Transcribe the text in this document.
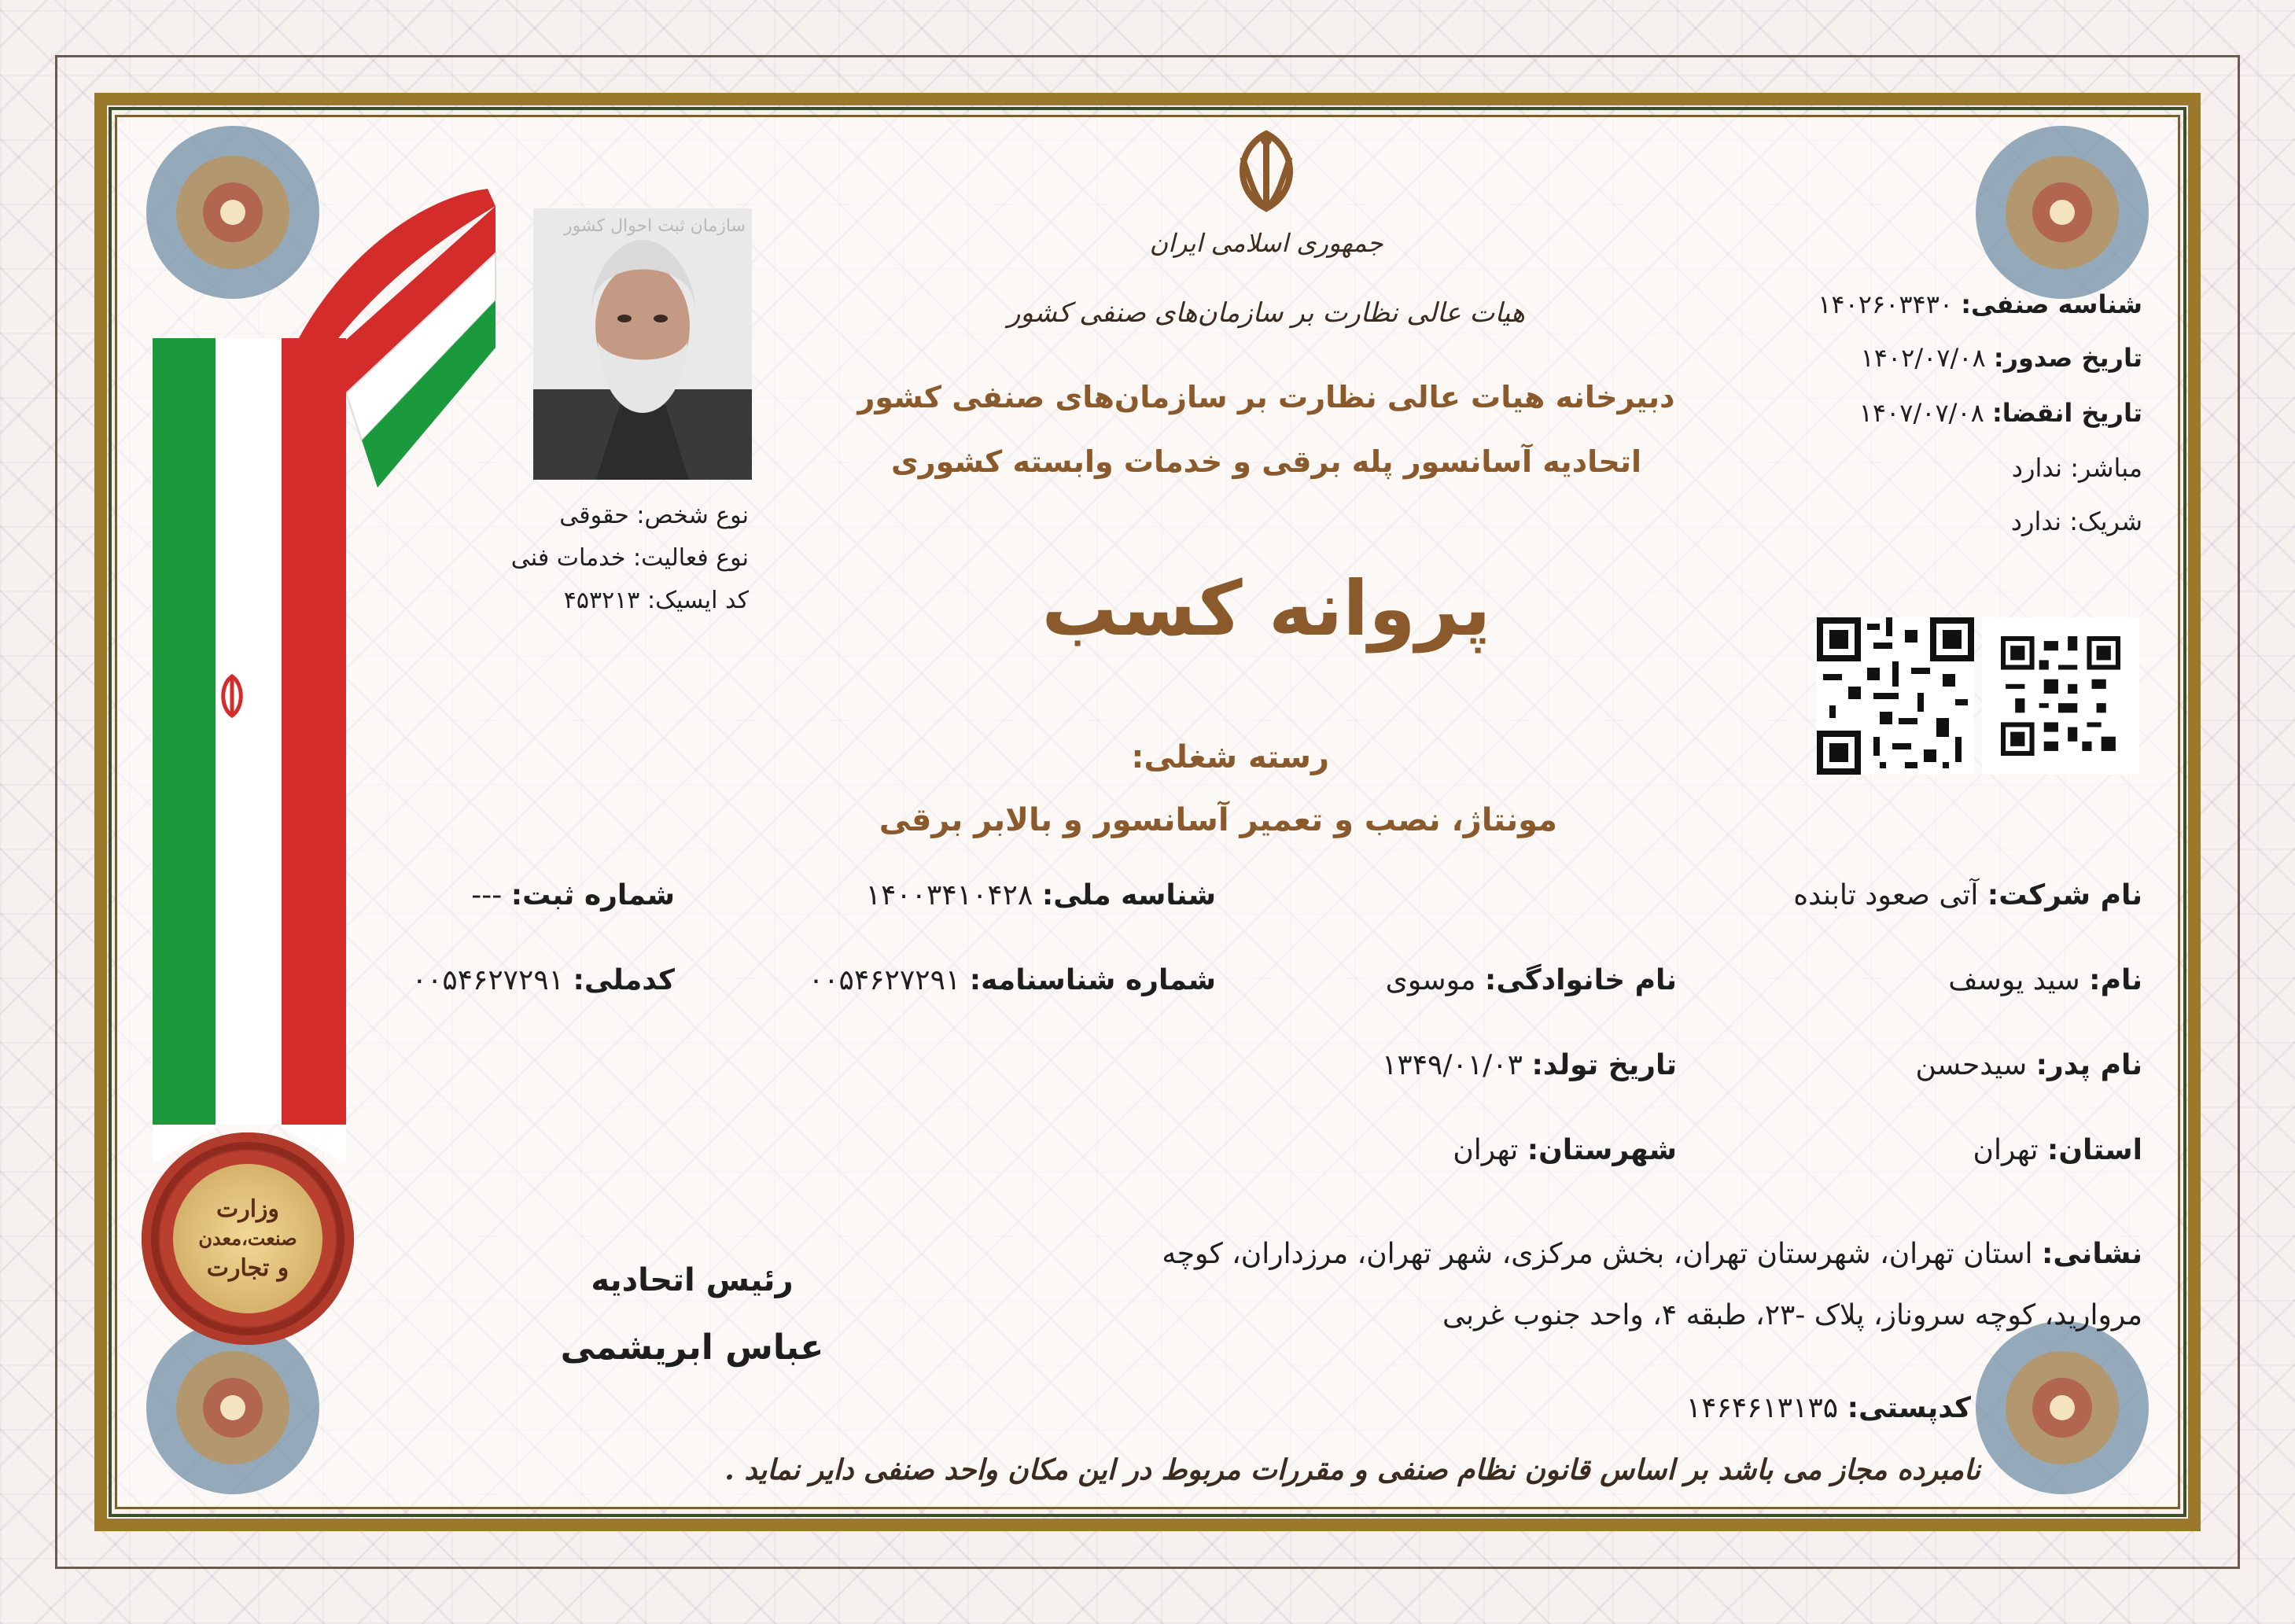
وزارت
صنعت،معدن
و تجارت
سازمان ثبت احوال کشور
نوع شخص: حقوقی
نوع فعالیت: خدمات فنی
کد ایسیک: ۴۵۳۲۱۳
جمهوری اسلامی ایران
هیات عالی نظارت بر سازمان‌های صنفی کشور
دبیرخانه هیات عالی نظارت بر سازمان‌های صنفی کشور
اتحادیه آسانسور پله برقی و خدمات وابسته کشوری
پروانه کسب
رسته شغلی:
مونتاژ، نصب و تعمیر آسانسور و بالابر برقی
شناسه صنفی: ۱۴۰۲۶۰۳۴۳۰
تاریخ صدور: ۱۴۰۲/۰۷/۰۸
تاریخ انقضا: ۱۴۰۷/۰۷/۰۸
مباشر: ندارد
شریک: ندارد
نام شرکت: آتی صعود تابنده
شناسه ملی: ۱۴۰۰۳۴۱۰۴۲۸
شماره ثبت: ---
نام: سید یوسف
نام خانوادگی: موسوی
شماره شناسنامه: ۰۰۵۴۶۲۷۲۹۱
کدملی: ۰۰۵۴۶۲۷۲۹۱
نام پدر: سیدحسن
تاریخ تولد: ۱۳۴۹/۰۱/۰۳
استان: تهران
شهرستان: تهران
نشانی: استان تهران، شهرستان تهران، بخش مرکزی، شهر تهران، مرزداران، کوچه
مروارید، کوچه سروناز، پلاک -۲۳، طبقه ۴، واحد جنوب غربی
کدپستی: ۱۴۶۴۶۱۳۱۳۵
رئیس اتحادیه
عباس ابریشمی
نامبرده مجاز می باشد بر اساس قانون نظام صنفی و مقررات مربوط در این مکان واحد صنفی دایر نماید .
